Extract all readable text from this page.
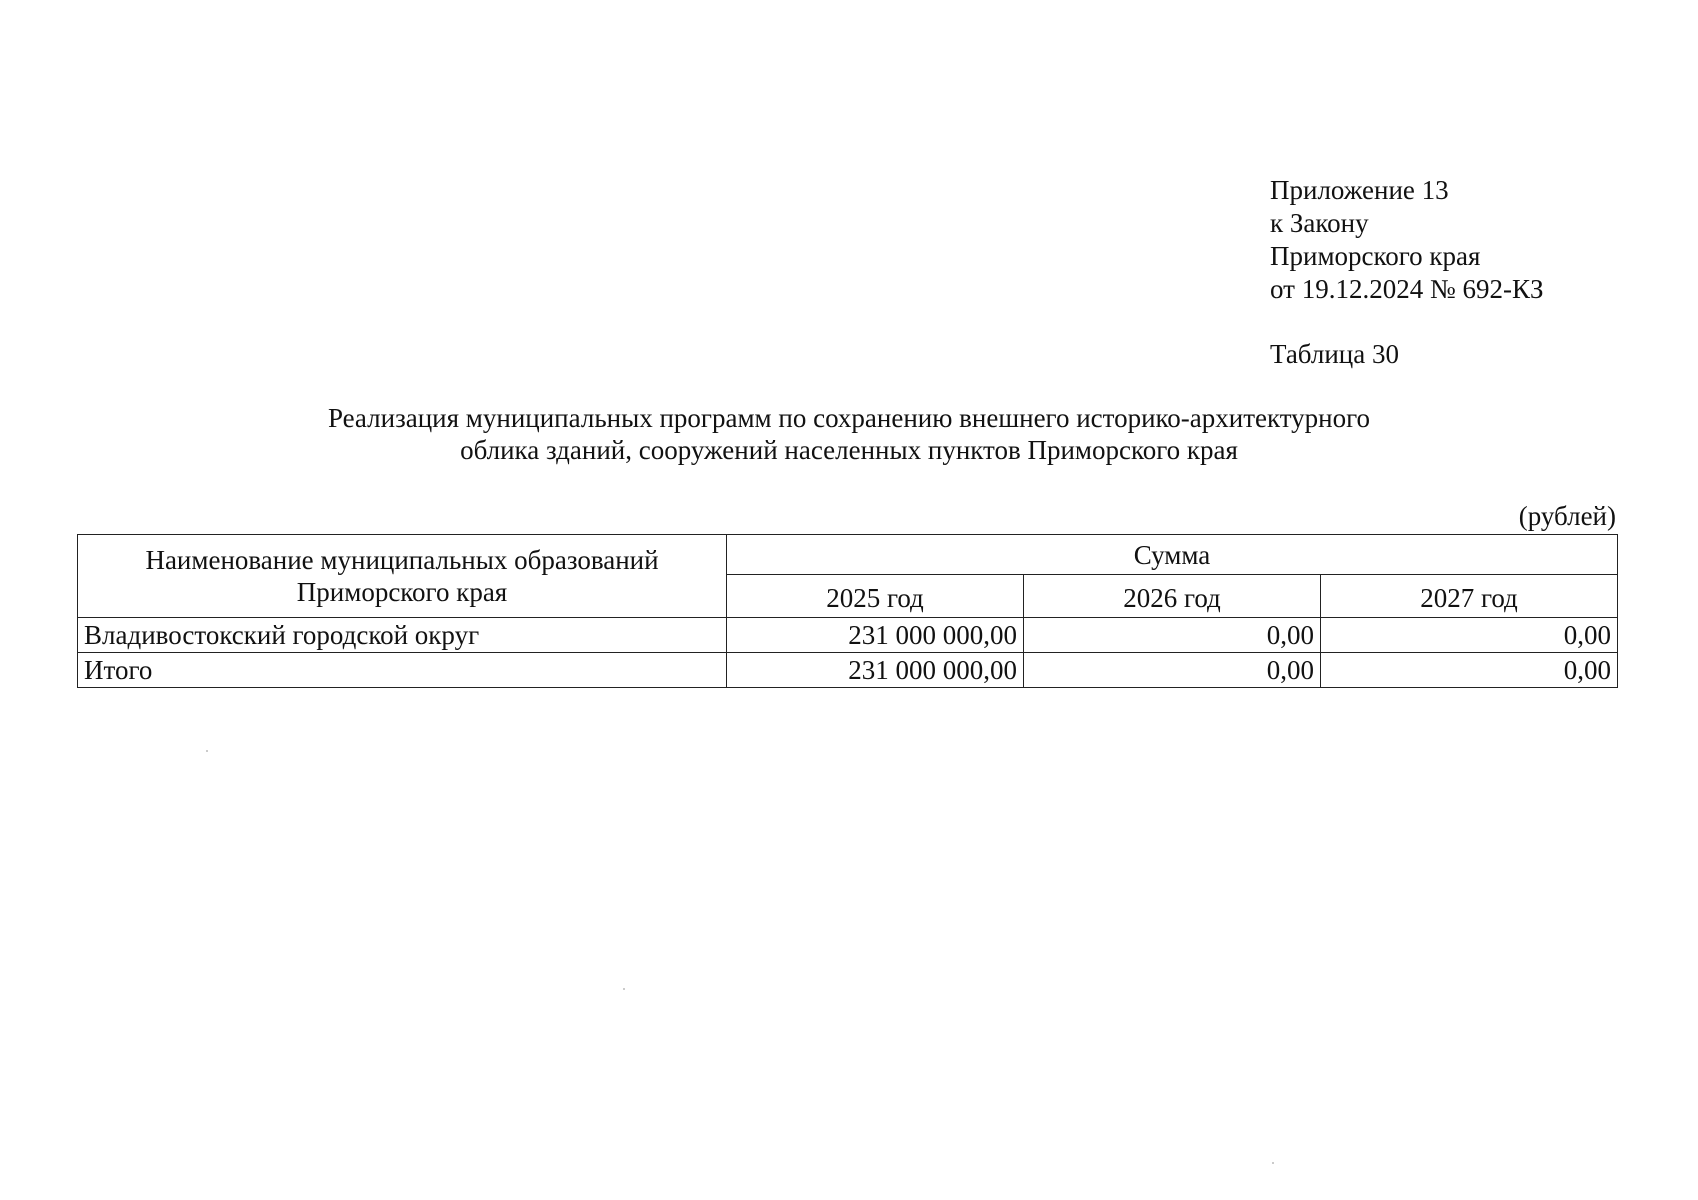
Приложение 13
к Закону
Приморского края
от 19.12.2024 № 692-КЗ
Таблица 30
Реализация муниципальных программ по сохранению внешнего историко-архитектурного
облика зданий, сооружений населенных пунктов Приморского края
(рублей)
Наименование муниципальных образований
Приморского края	Сумма		
	2025 год	2026 год	2027 год
Владивостокский городской округ	231 000 000,00	0,00	0,00
Итого	231 000 000,00	0,00	0,00
